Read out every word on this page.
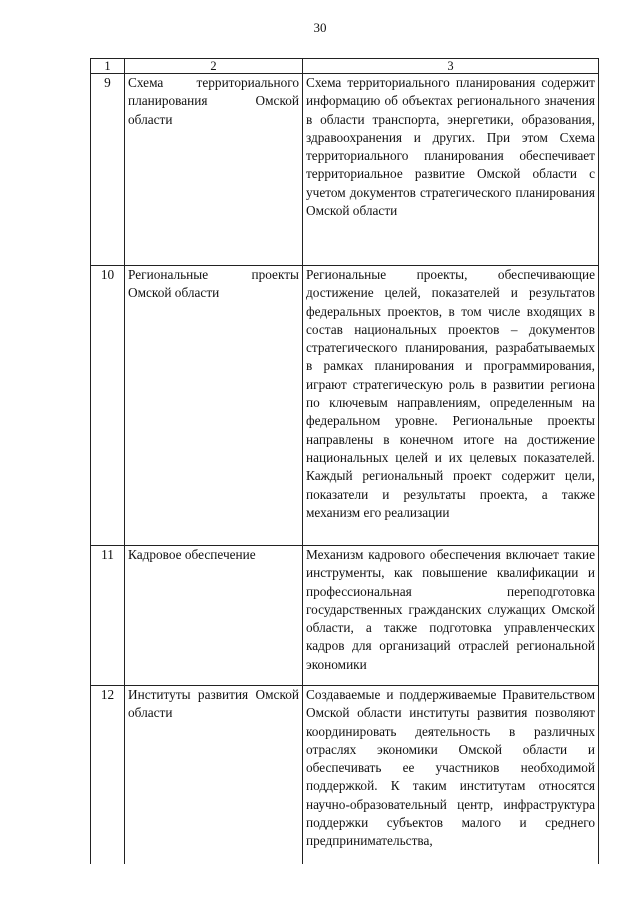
30
1	2	3
9	Схема территориального планирования Омской области	Схема территориального планирования содержит информацию об объектах регионального значения в области транспорта, энергетики, образования, здравоохранения и других. При этом Схема территориального планирования обеспечивает территориальное развитие Омской области с учетом документов стратегического планирования Омской области
10	Региональные проекты Омской области	Региональные проекты, обеспечивающие достижение целей, показателей и результатов федеральных проектов, в том числе входящих в состав национальных проектов – документов стратегического планирования, разрабатываемых в рамках планирования и программирования, играют стратегическую роль в развитии региона по ключевым направлениям, определенным на федеральном уровне. Региональные проекты направлены в конечном итоге на достижение национальных целей и их целевых показателей. Каждый региональный проект содержит цели, показатели и результаты проекта, а также механизм его реализации
11	Кадровое обеспечение	Механизм кадрового обеспечения включает такие инструменты, как повышение квалификации и профессиональная переподготовка государственных гражданских служащих Омской области, а также подготовка управленческих кадров для организаций отраслей региональной экономики
12	Институты развития Омской области	Создаваемые и поддерживаемые Правительством Омской области институты развития позволяют координировать деятельность в различных отраслях экономики Омской области и обеспечивать ее участников необходимой поддержкой. К таким институтам относятся научно-образовательный центр, инфраструктура поддержки субъектов малого и среднего предпринимательства,
